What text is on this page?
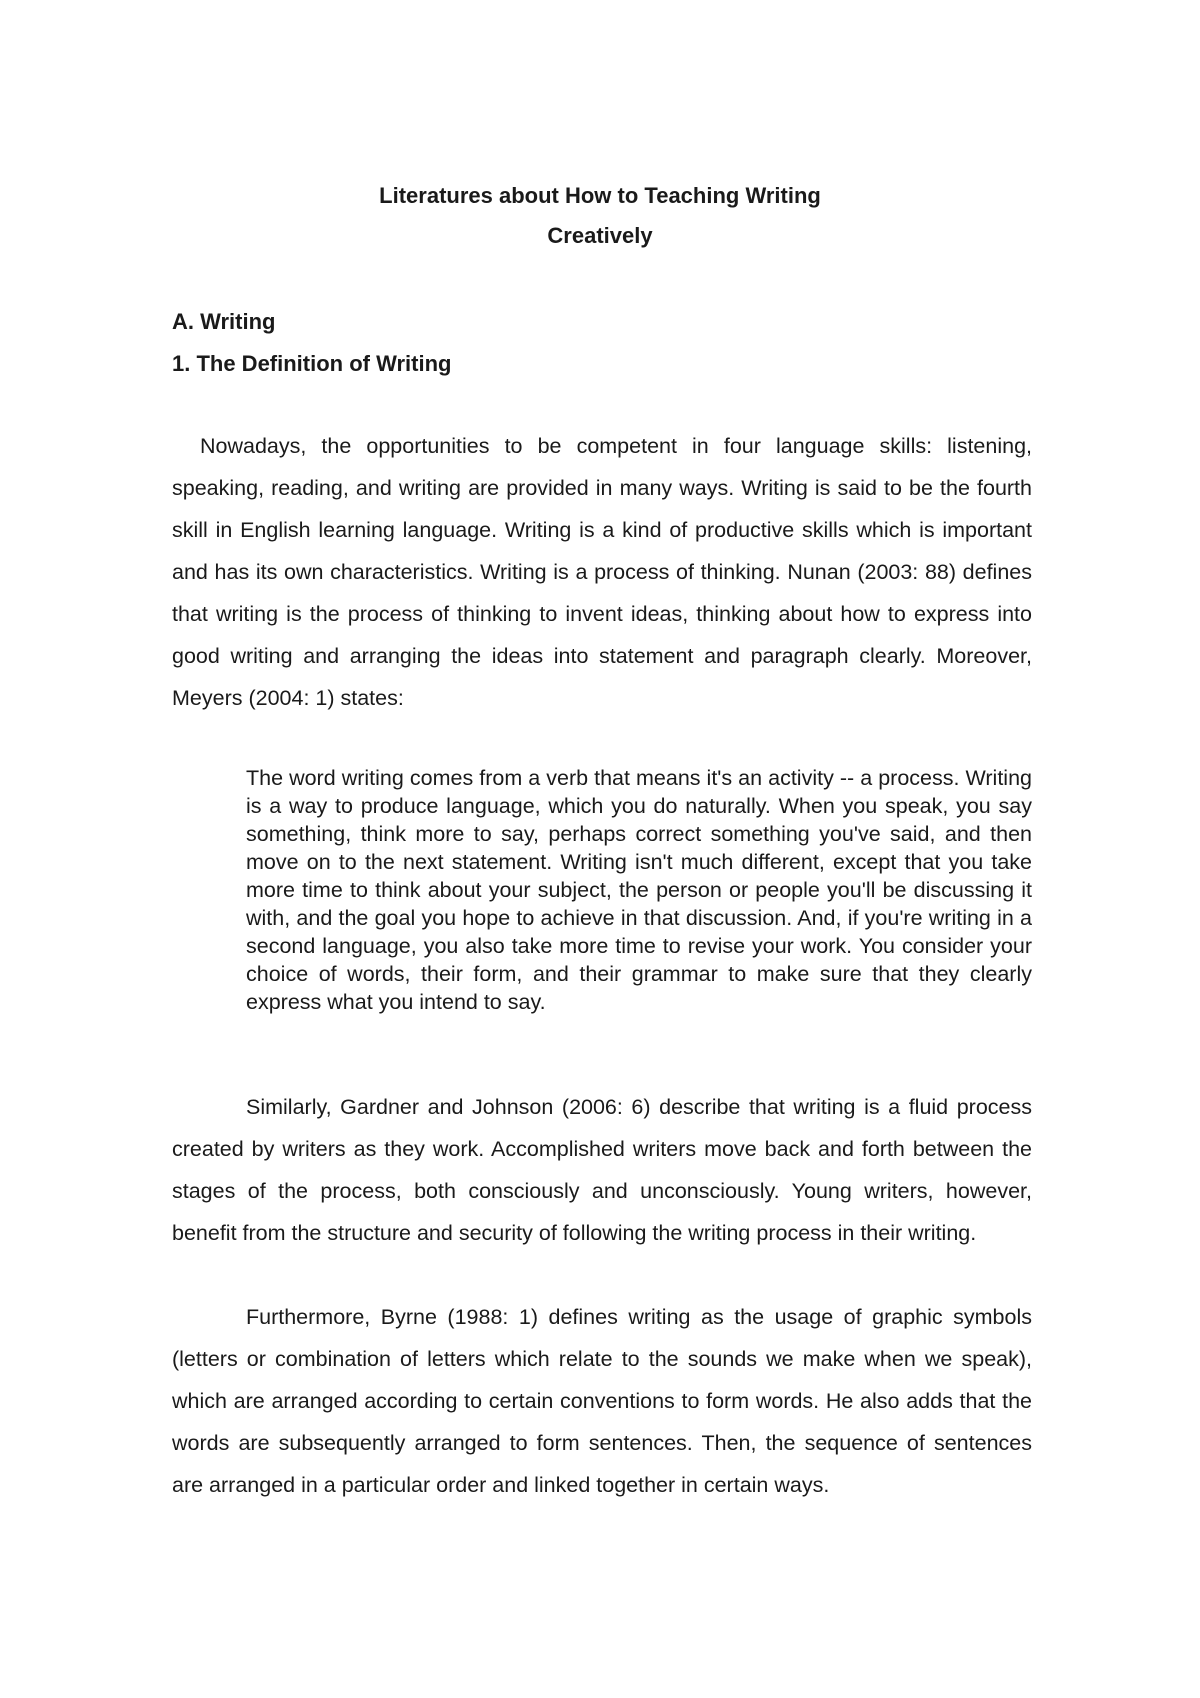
Literatures about How to Teaching Writing
Creatively
A. Writing
1. The Definition of Writing

Nowadays, the opportunities to be competent in four language skills: listening, speaking, reading, and writing are provided in many ways. Writing is said to be the fourth skill in English learning language. Writing is a kind of productive skills which is important and has its own characteristics. Writing is a process of thinking. Nunan (2003: 88) defines that writing is the process of thinking to invent ideas, thinking about how to express into good writing and arranging the ideas into statement and paragraph clearly. Moreover, Meyers (2004: 1) states:

The word writing comes from a verb that means it's an activity -- a process. Writing is a way to produce language, which you do naturally. When you speak, you say something, think more to say, perhaps correct something you've said, and then move on to the next statement. Writing isn't much different, except that you take more time to think about your subject, the person or people you'll be discussing it with, and the goal you hope to achieve in that discussion. And, if you're writing in a second language, you also take more time to revise your work. You consider your choice of words, their form, and their grammar to make sure that they clearly express what you intend to say.

Similarly, Gardner and Johnson (2006: 6) describe that writing is a fluid process created by writers as they work. Accomplished writers move back and forth between the stages of the process, both consciously and unconsciously. Young writers, however, benefit from the structure and security of following the writing process in their writing.

Furthermore, Byrne (1988: 1) defines writing as the usage of graphic symbols (letters or combination of letters which relate to the sounds we make when we speak), which are arranged according to certain conventions to form words. He also adds that the words are subsequently arranged to form sentences. Then, the sequence of sentences are arranged in a particular order and linked together in certain ways.
